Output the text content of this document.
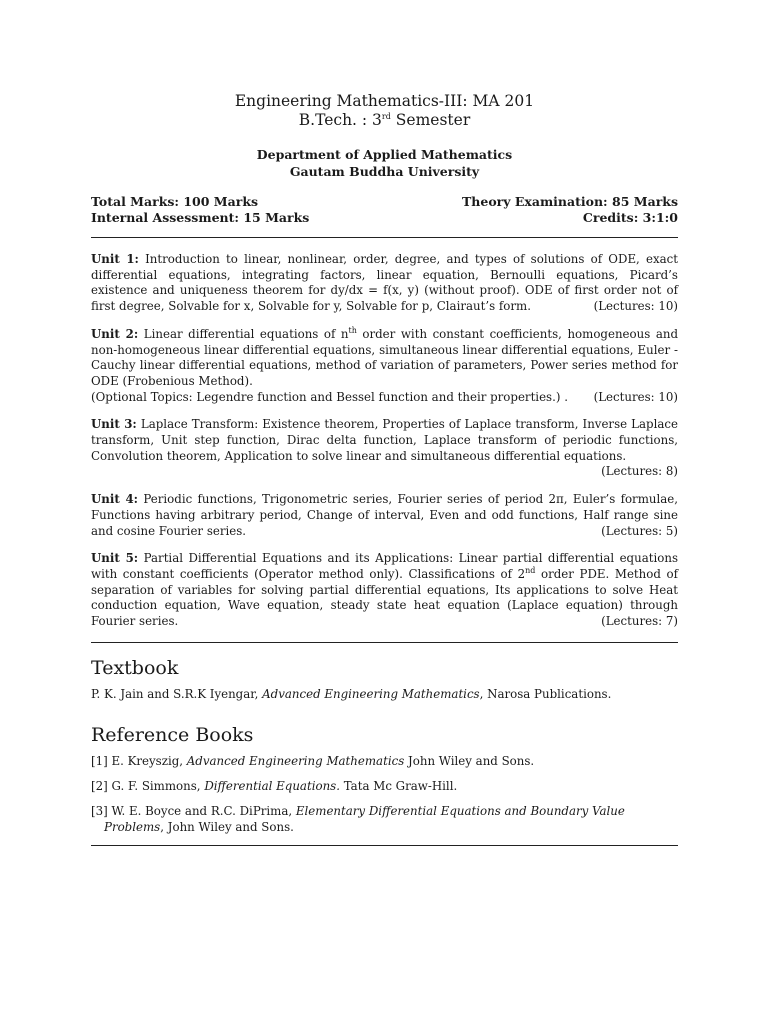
Engineering Mathematics-III: MA 201
B.Tech. : 3rd Semester
Department of Applied Mathematics
Gautam Buddha University
Total Marks: 100 Marks	Theory Examination: 85 Marks
Internal Assessment: 15 Marks	Credits: 3:1:0

Unit 1: Introduction to linear, nonlinear, order, degree, and types of solutions of ODE, exact differential equations, integrating factors, linear equation, Bernoulli equations, Picard’s existence and uniqueness theorem for dy/dx = f(x, y) (without proof). ODE of first order not of first degree, Solvable for x, Solvable for y, Solvable for p, Clairaut’s form.	(Lectures: 10)

Unit 2: Linear differential equations of $n^{th}$ order with constant coefficients, homogeneous and non-homogeneous linear differential equations, simultaneous linear differential equations, Euler -Cauchy linear differential equations, method of variation of parameters, Power series method for ODE (Frobenious Method).
(Optional Topics: Legendre function and Bessel function and their properties.) . (Lectures: 10)

Unit 3: Laplace Transform: Existence theorem, Properties of Laplace transform, Inverse Laplace transform, Unit step function, Dirac delta function, Laplace transform of periodic functions, Convolution theorem, Application to solve linear and simultaneous differential equations.
(Lectures: 8)

Unit 4: Periodic functions, Trigonometric series, Fourier series of period 2π, Euler’s formulae, Functions having arbitrary period, Change of interval, Even and odd functions, Half range sine and cosine Fourier series.	(Lectures: 5)

Unit 5: Partial Differential Equations and its Applications: Linear partial differential equations with constant coefficients (Operator method only). Classifications of 2nd order PDE. Method of separation of variables for solving partial differential equations, Its applications to solve Heat conduction equation, Wave equation, steady state heat equation (Laplace equation) through Fourier series.	(Lectures: 7)

Textbook

P. K. Jain and S.R.K Iyengar, Advanced Engineering Mathematics, Narosa Publications.

Reference Books

[1] E. Kreyszig, Advanced Engineering Mathematics John Wiley and Sons.

[2] G. F. Simmons, Differential Equations. Tata Mc Graw-Hill.

[3] W. E. Boyce and R.C. DiPrima, Elementary Differential Equations and Boundary Value Problems, John Wiley and Sons.
